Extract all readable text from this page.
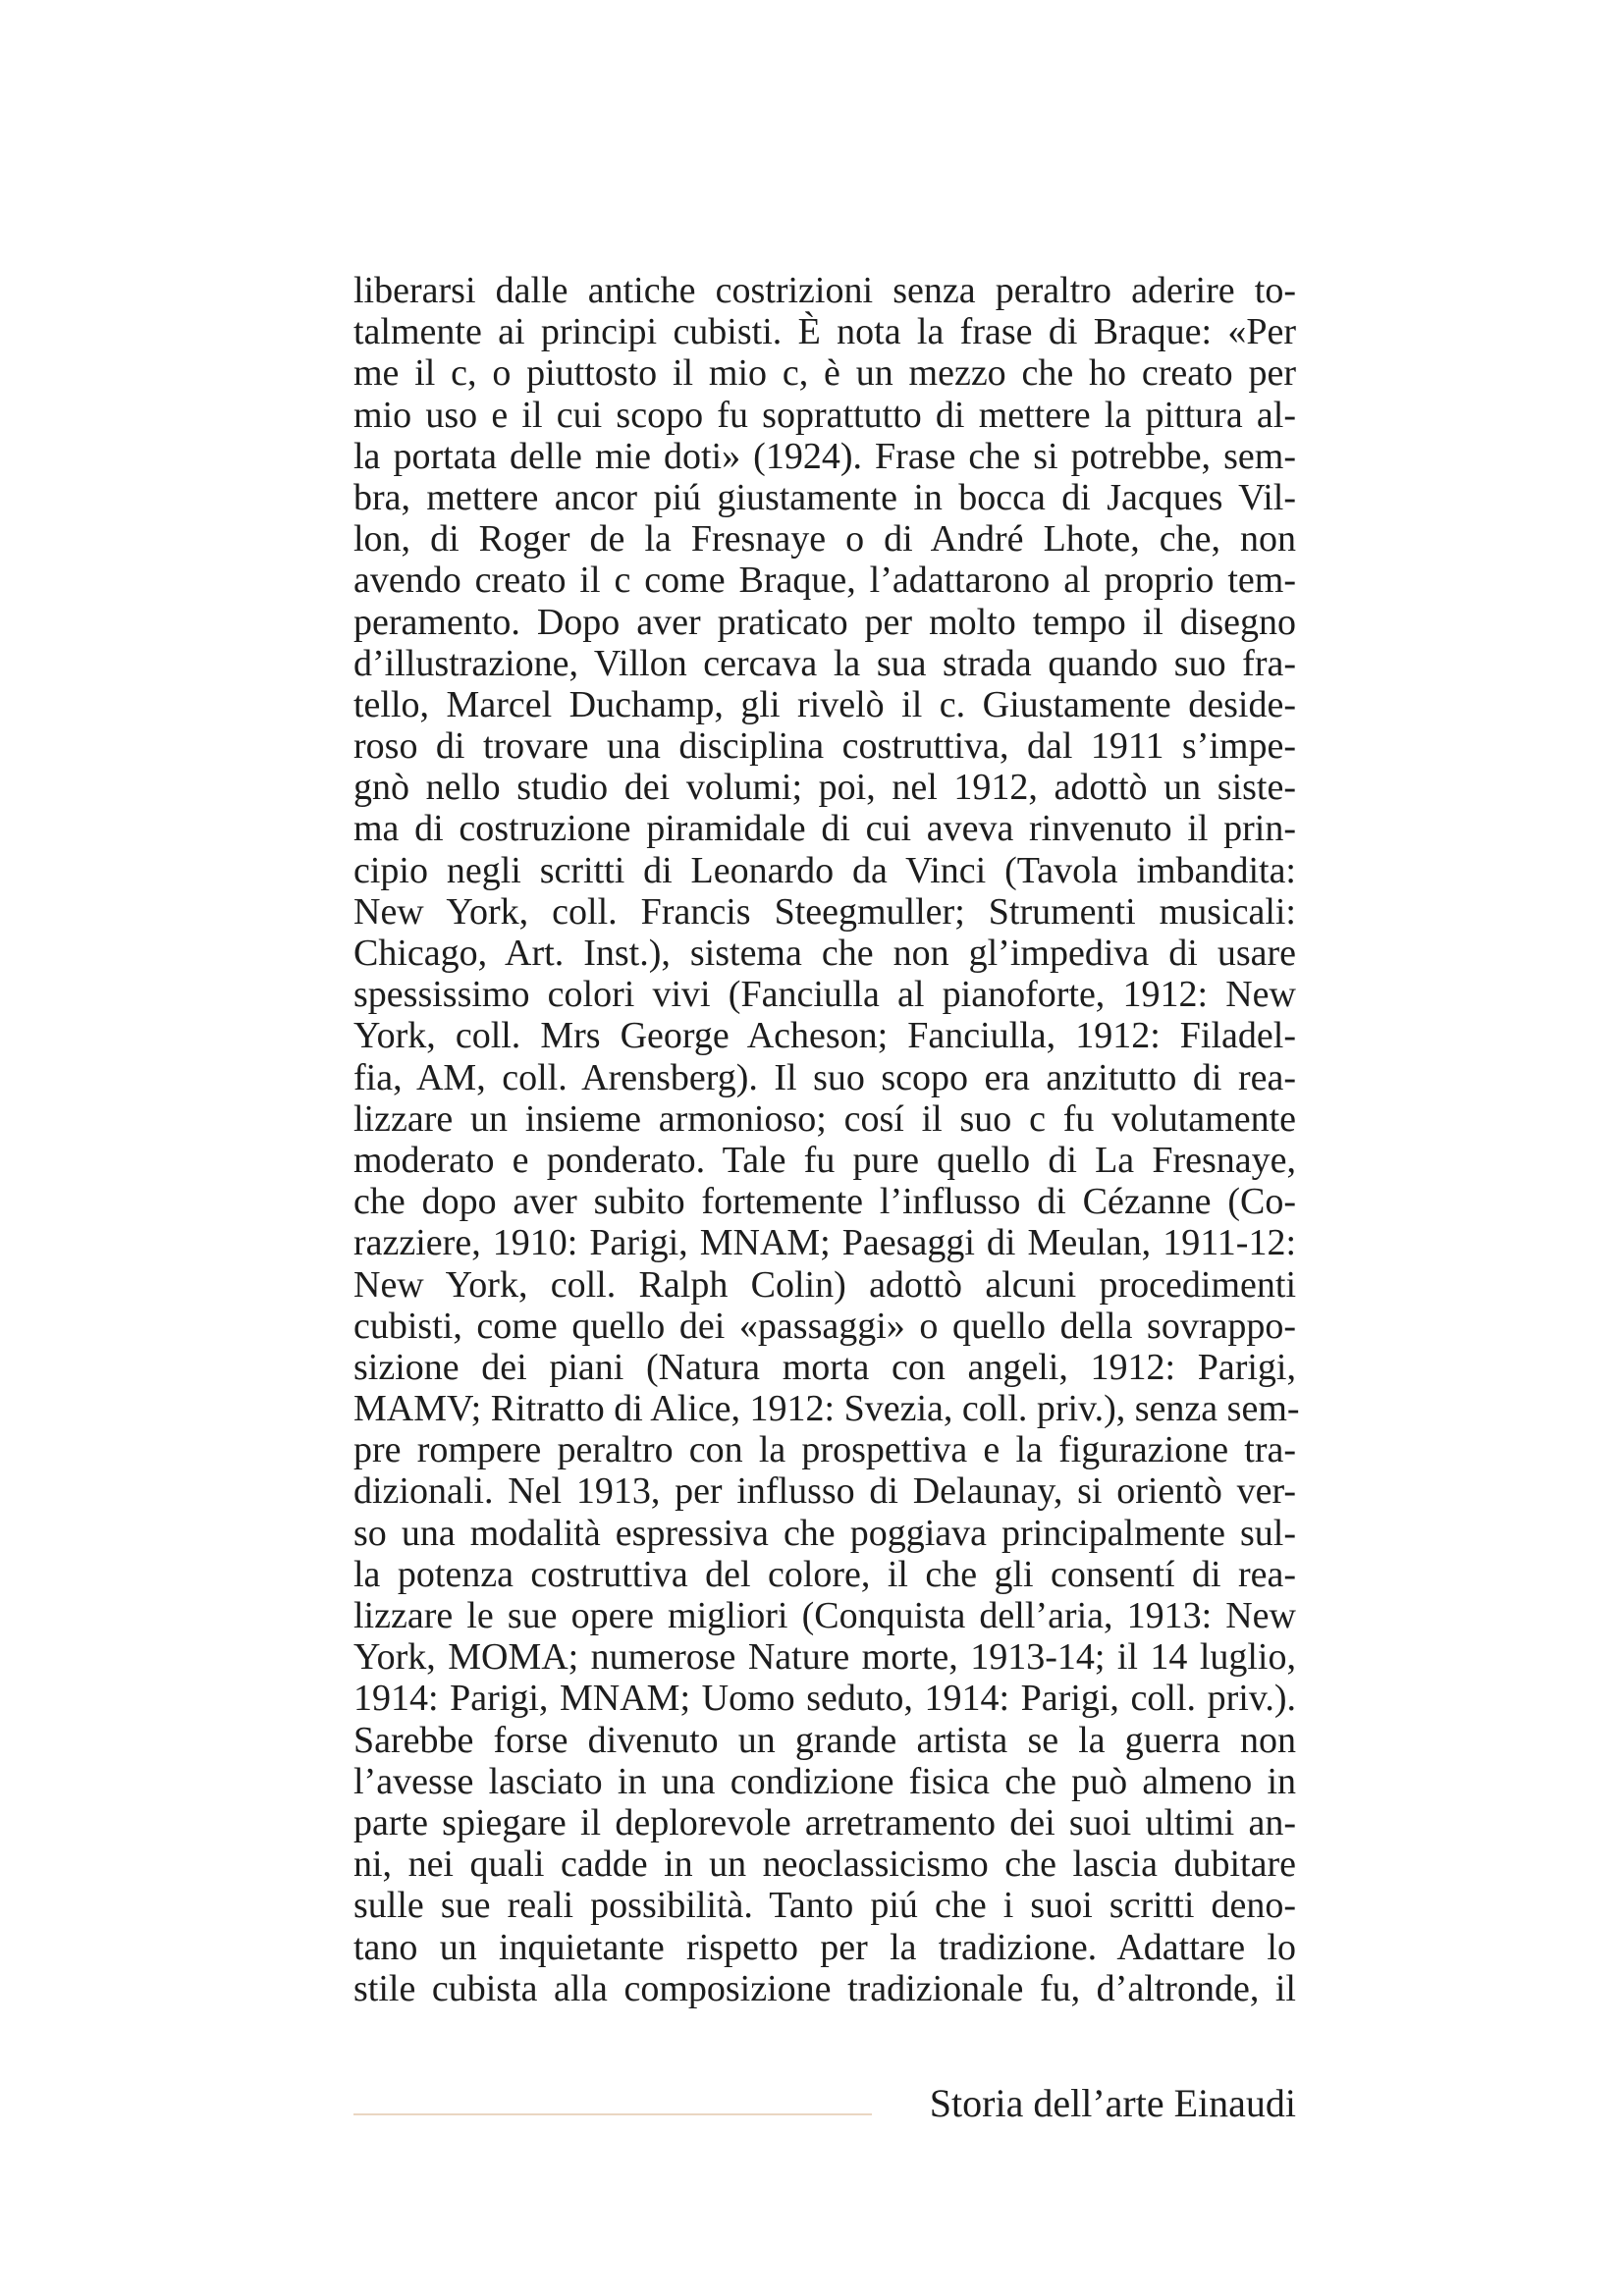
liberarsi dalle antiche costrizioni senza peraltro aderire to-
talmente ai principi cubisti. È nota la frase di Braque: «Per
me il c, o piuttosto il mio c, è un mezzo che ho creato per
mio uso e il cui scopo fu soprattutto di mettere la pittura al-
la portata delle mie doti» (1924). Frase che si potrebbe, sem-
bra, mettere ancor piú giustamente in bocca di Jacques Vil-
lon, di Roger de la Fresnaye o di André Lhote, che, non
avendo creato il c come Braque, l’adattarono al proprio tem-
peramento. Dopo aver praticato per molto tempo il disegno
d’illustrazione, Villon cercava la sua strada quando suo fra-
tello, Marcel Duchamp, gli rivelò il c. Giustamente deside-
roso di trovare una disciplina costruttiva, dal 1911 s’impe-
gnò nello studio dei volumi; poi, nel 1912, adottò un siste-
ma di costruzione piramidale di cui aveva rinvenuto il prin-
cipio negli scritti di Leonardo da Vinci (Tavola imbandita:
New York, coll. Francis Steegmuller; Strumenti musicali:
Chicago, Art. Inst.), sistema che non gl’impediva di usare
spessissimo colori vivi (Fanciulla al pianoforte, 1912: New
York, coll. Mrs George Acheson; Fanciulla, 1912: Filadel-
fia, AM, coll. Arensberg). Il suo scopo era anzitutto di rea-
lizzare un insieme armonioso; cosí il suo c fu volutamente
moderato e ponderato. Tale fu pure quello di La Fresnaye,
che dopo aver subito fortemente l’influsso di Cézanne (Co-
razziere, 1910: Parigi, MNAM; Paesaggi di Meulan, 1911-12:
New York, coll. Ralph Colin) adottò alcuni procedimenti
cubisti, come quello dei «passaggi» o quello della sovrappo-
sizione dei piani (Natura morta con angeli, 1912: Parigi,
MAMV; Ritratto di Alice, 1912: Svezia, coll. priv.), senza sem-
pre rompere peraltro con la prospettiva e la figurazione tra-
dizionali. Nel 1913, per influsso di Delaunay, si orientò ver-
so una modalità espressiva che poggiava principalmente sul-
la potenza costruttiva del colore, il che gli consentí di rea-
lizzare le sue opere migliori (Conquista dell’aria, 1913: New
York, MOMA; numerose Nature morte, 1913-14; il 14 luglio,
1914: Parigi, MNAM; Uomo seduto, 1914: Parigi, coll. priv.).
Sarebbe forse divenuto un grande artista se la guerra non
l’avesse lasciato in una condizione fisica che può almeno in
parte spiegare il deplorevole arretramento dei suoi ultimi an-
ni, nei quali cadde in un neoclassicismo che lascia dubitare
sulle sue reali possibilità. Tanto piú che i suoi scritti deno-
tano un inquietante rispetto per la tradizione. Adattare lo
stile cubista alla composizione tradizionale fu, d’altronde, il
Storia dell’arte Einaudi
